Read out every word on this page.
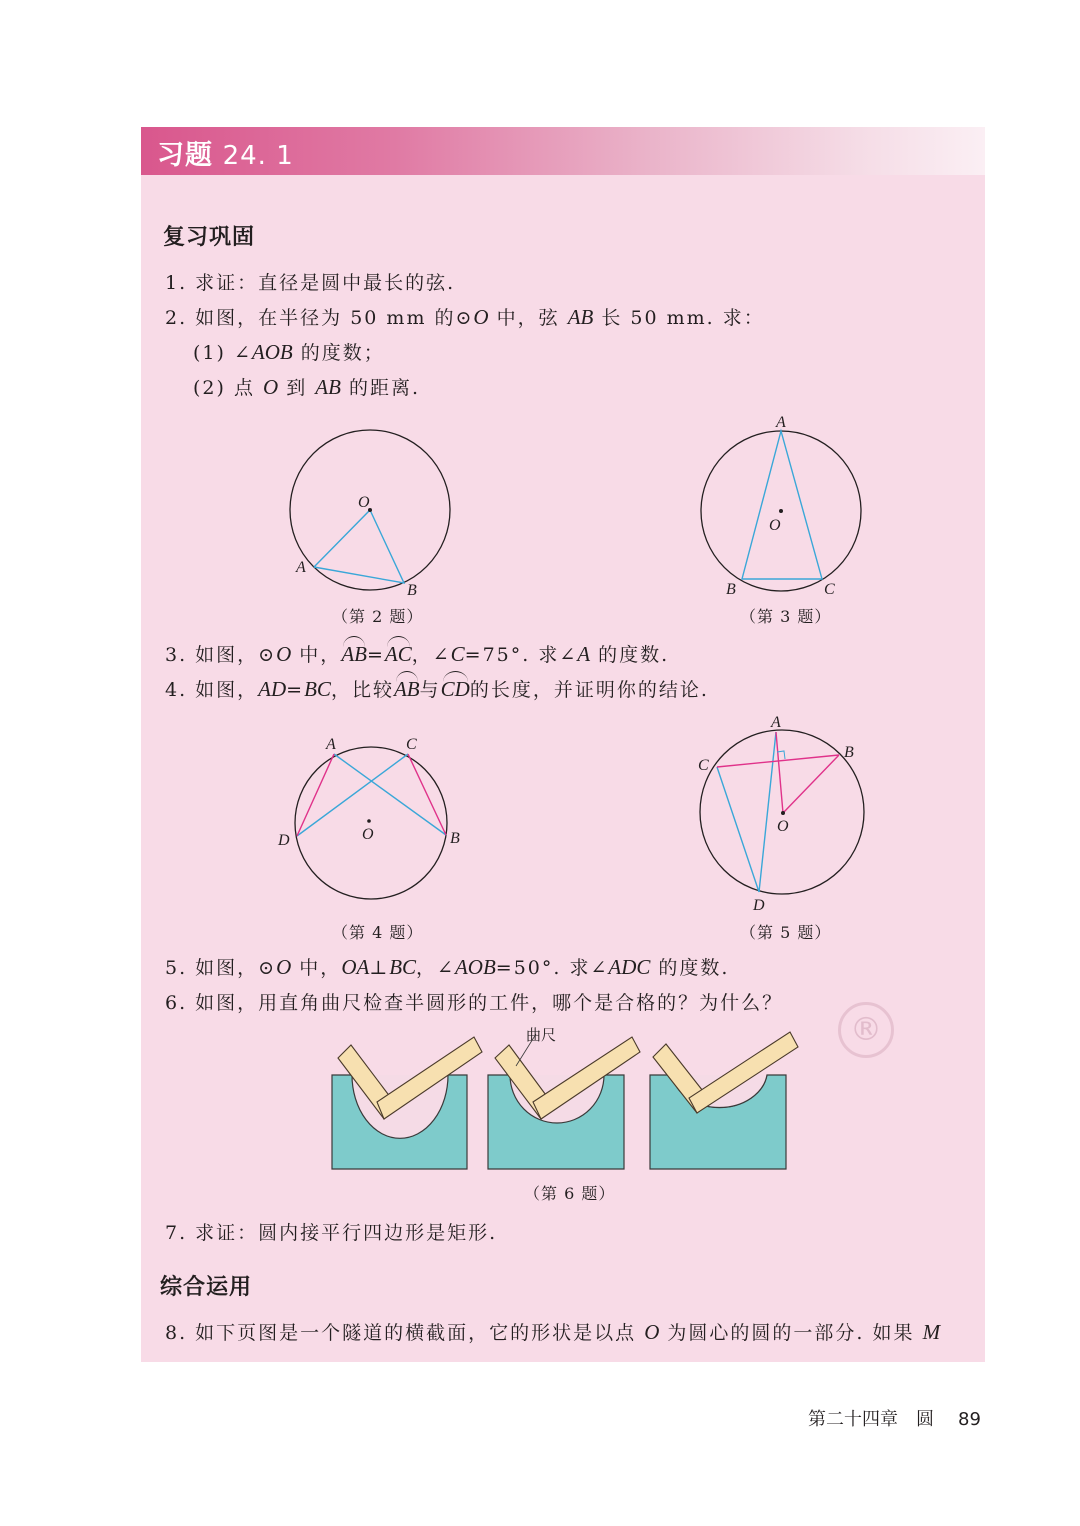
习题 24. 1
复习巩固
1. 求证：直径是圆中最长的弦.
2. 如图，在半径为 50 mm 的⊙O 中，弦 AB 长 50 mm. 求：
(1) ∠AOB 的度数；
(2) 点 O 到 AB 的距离.
O
A
B
（第 2 题）
A
O
B	C
（第 3 题）
3. 如图，⊙O 中，AB=AC，∠C=75°. 求∠A 的度数.
4. 如图，AD=BC，比较AB与CD的长度，并证明你的结论.
A	C
D	O	B
（第 4 题）
A
B
C
O
D
（第 5 题）
5. 如图，⊙O 中，OA⊥BC，∠AOB=50°. 求∠ADC 的度数.
6. 如图，用直角曲尺检查半圆形的工件，哪个是合格的？为什么？
®
曲尺
（第 6 题）
7. 求证：圆内接平行四边形是矩形.
综合运用
8. 如下页图是一个隧道的横截面，它的形状是以点 O 为圆心的圆的一部分. 如果 M
第二十四章　圆 89
